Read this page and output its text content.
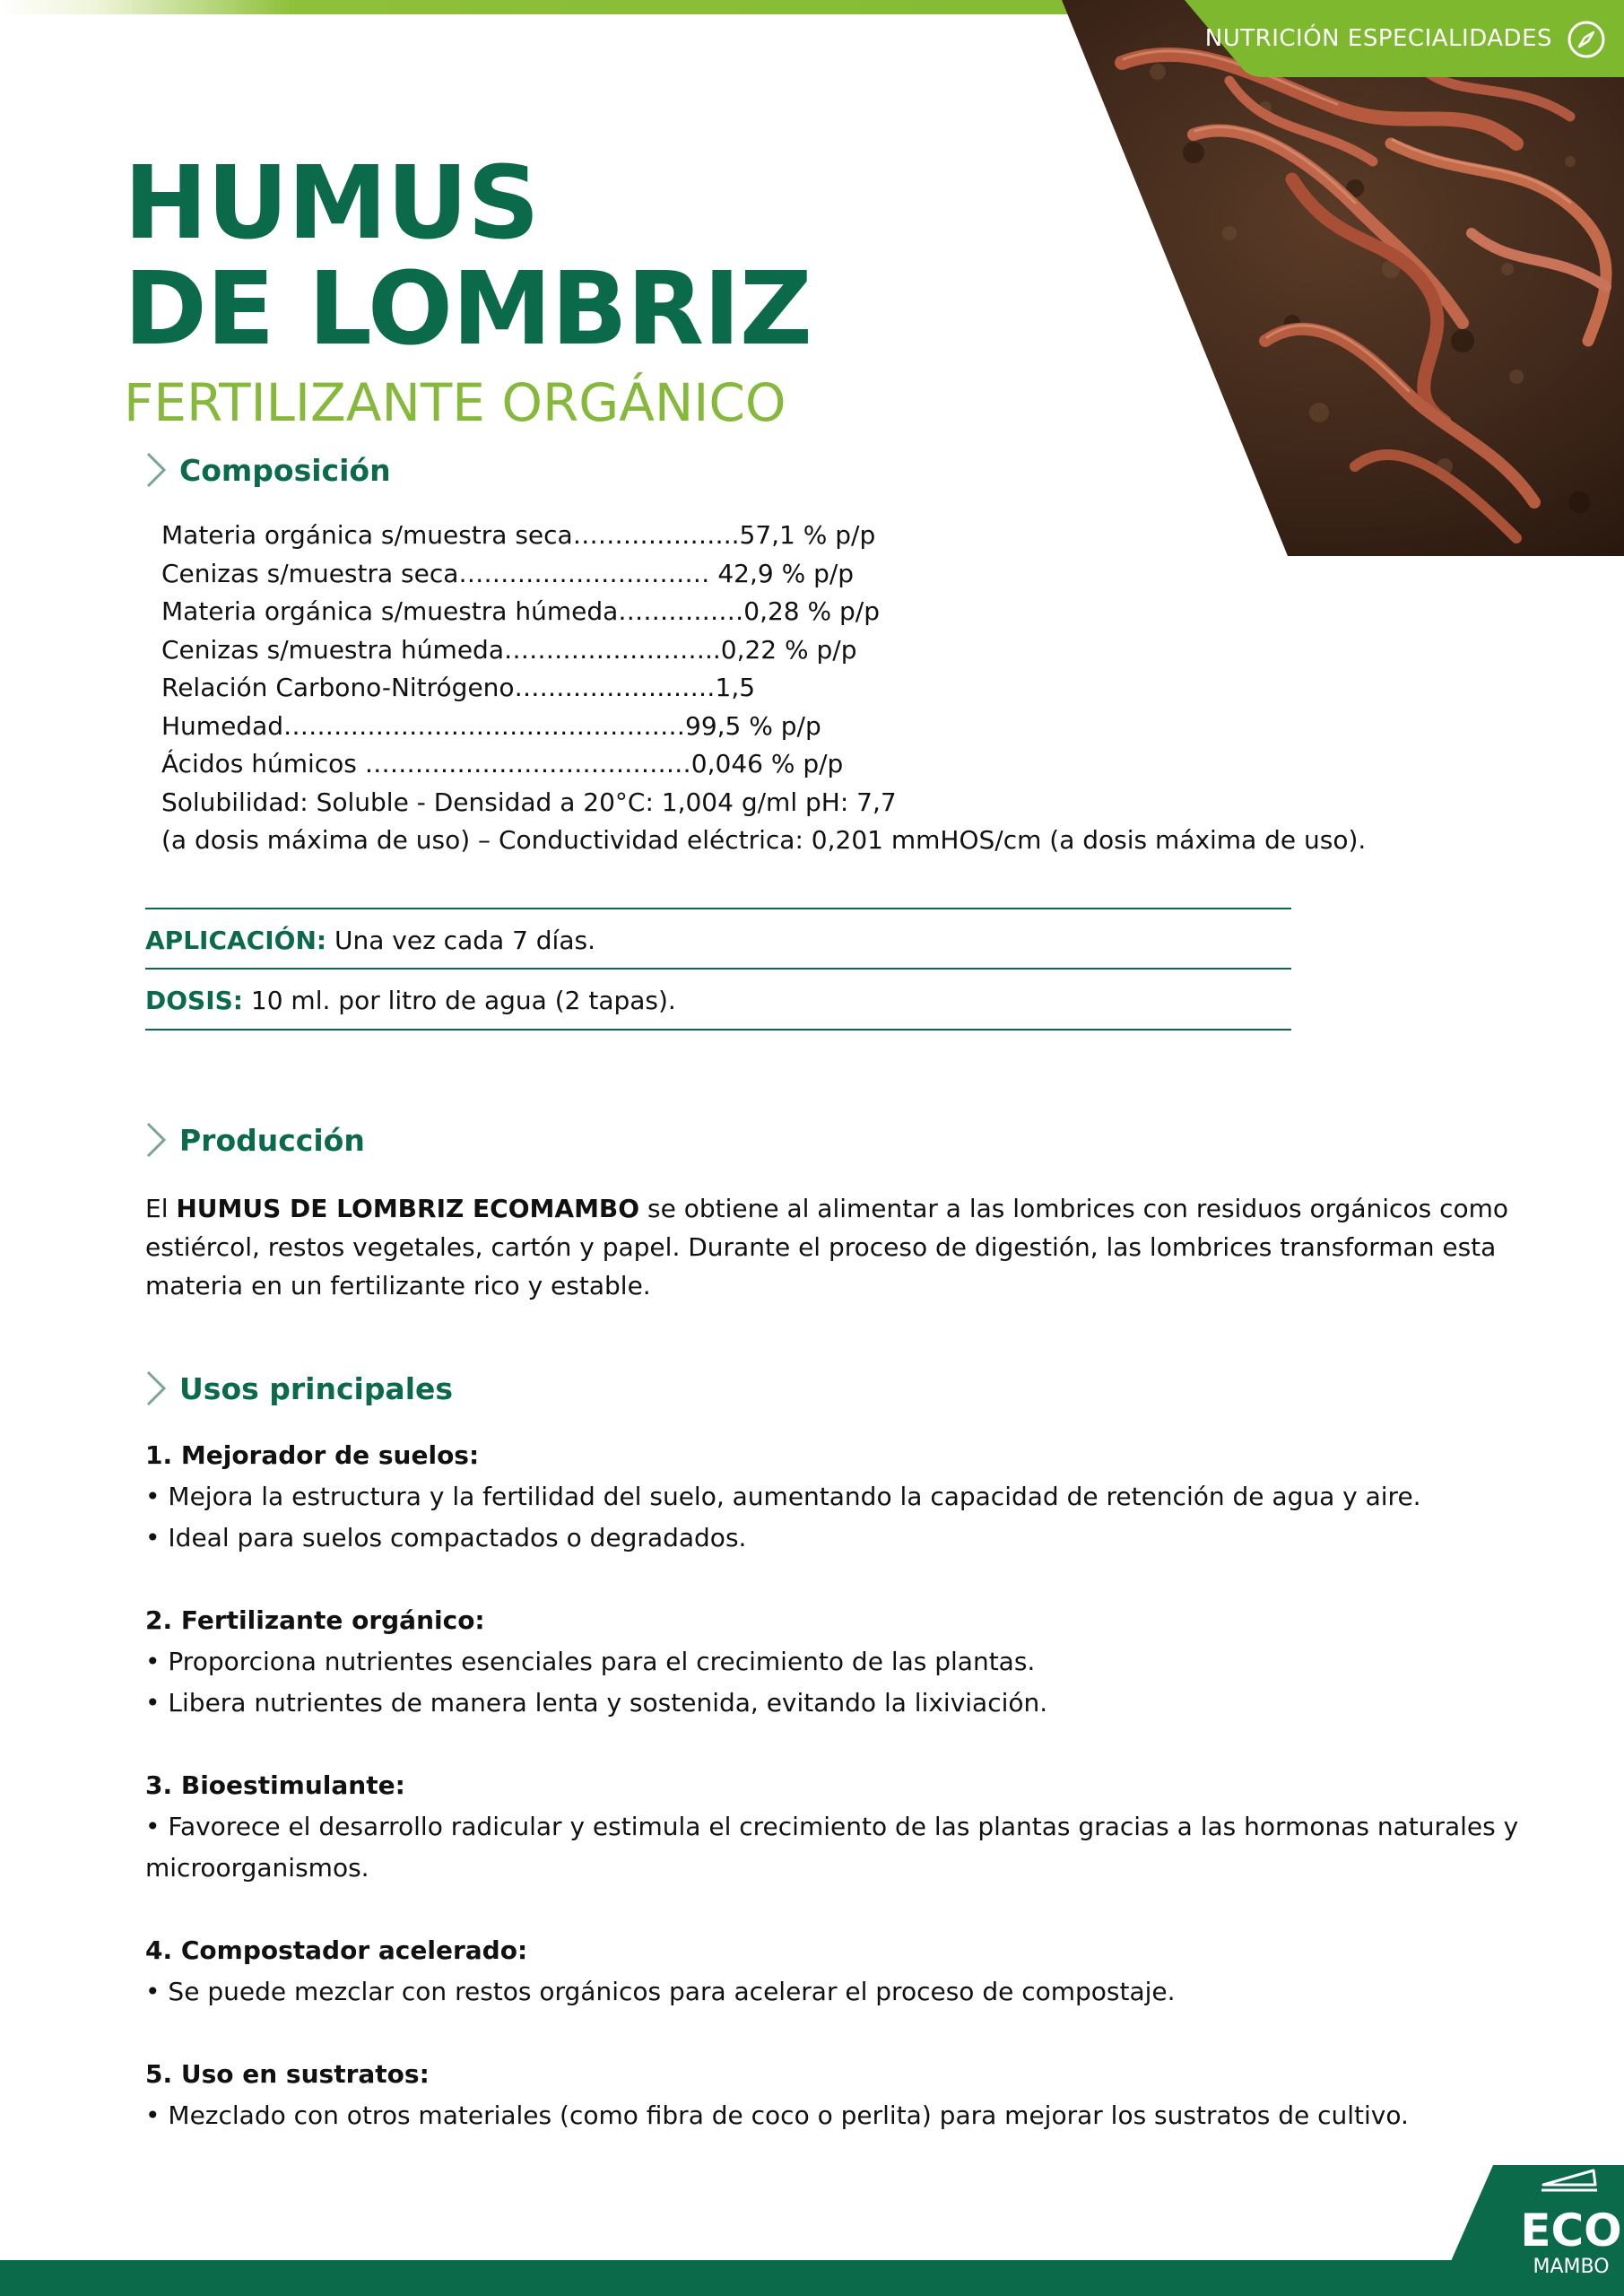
NUTRICIÓN ESPECIALIDADES
HUMUS
DE LOMBRIZ
FERTILIZANTE ORGÁNICO
Composición
Materia orgánica s/muestra seca………………..57,1 % p/p
Cenizas s/muestra seca………………………… 42,9 % p/p
Materia orgánica s/muestra húmeda……………0,28 % p/p
Cenizas s/muestra húmeda……………………..0,22 % p/p
Relación Carbono-Nitrógeno……………………1,5
Humedad…………………………………………99,5 % p/p
Ácidos húmicos …………………………………0,046 % p/p
Solubilidad: Soluble - Densidad a 20°C: 1,004 g/ml pH: 7,7
(a dosis máxima de uso) – Conductividad eléctrica: 0,201 mmHOS/cm (a dosis máxima de uso).
APLICACIÓN: Una vez cada 7 días.
DOSIS: 10 ml. por litro de agua (2 tapas).
Producción

El HUMUS DE LOMBRIZ ECOMAMBO se obtiene al alimentar a las lombrices con residuos orgánicos como estiércol, restos vegetales, cartón y papel. Durante el proceso de digestión, las lombrices transforman esta materia en un fertilizante rico y estable.

Usos principales
1. Mejorador de suelos:
• Mejora la estructura y la fertilidad del suelo, aumentando la capacidad de retención de agua y aire.
• Ideal para suelos compactados o degradados.
2. Fertilizante orgánico:
• Proporciona nutrientes esenciales para el crecimiento de las plantas.
• Libera nutrientes de manera lenta y sostenida, evitando la lixiviación.
3. Bioestimulante:
• Favorece el desarrollo radicular y estimula el crecimiento de las plantas gracias a las hormonas naturales y microorganismos.
4. Compostador acelerado:
• Se puede mezclar con restos orgánicos para acelerar el proceso de compostaje.
5. Uso en sustratos:
• Mezclado con otros materiales (como fibra de coco o perlita) para mejorar los sustratos de cultivo.
ECO
MAMBO
